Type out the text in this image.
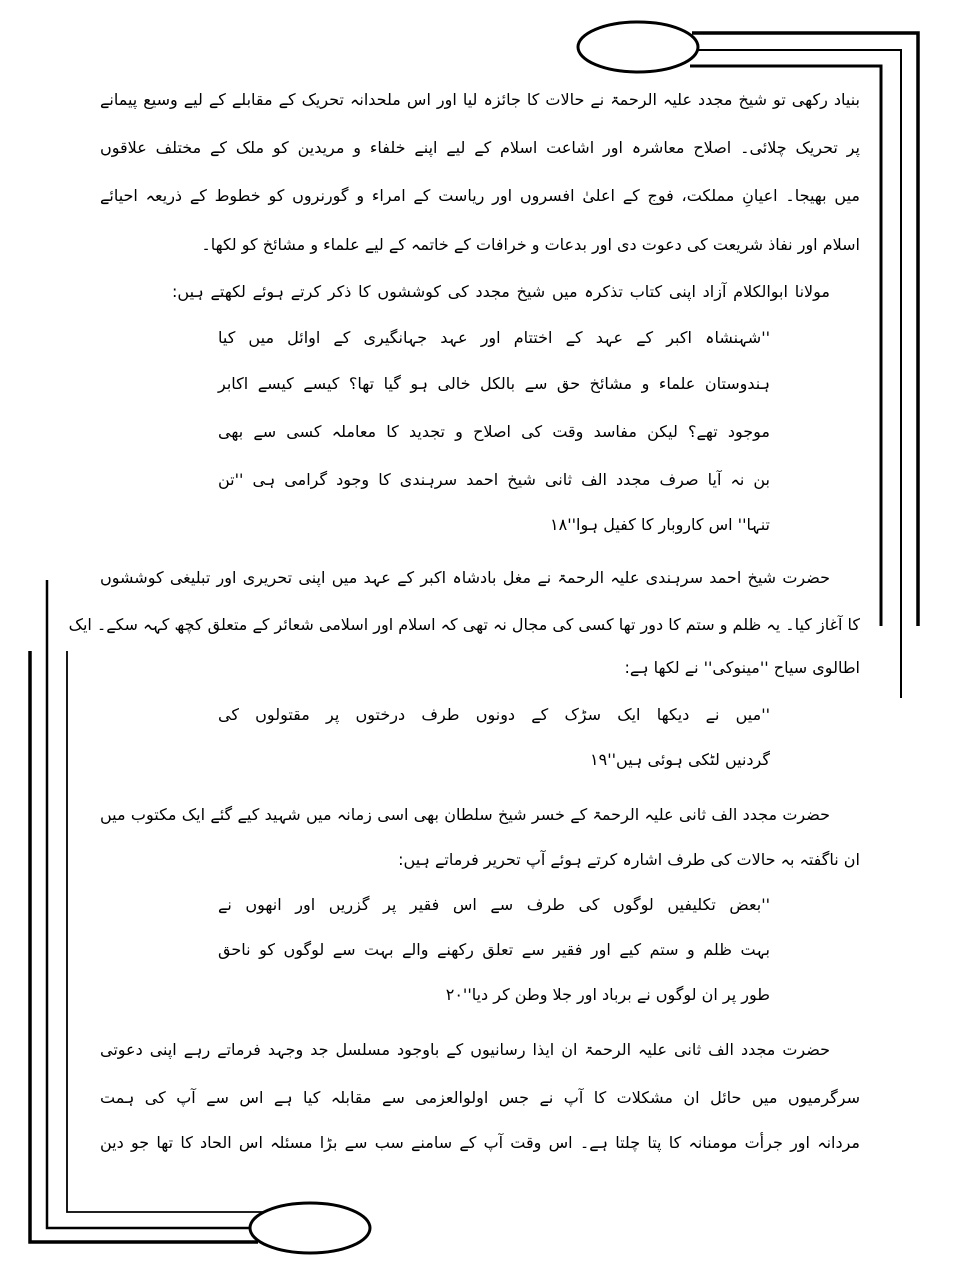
بنیاد رکھی تو شیخ مجدد علیہ الرحمۃ نے حالات کا جائزہ لیا اور اس ملحدانہ تحریک کے مقابلے کے لیے وسیع پیمانے
پر تحریک چلائی۔ اصلاح معاشرہ اور اشاعت اسلام کے لیے اپنے خلفاء و مریدین کو ملک کے مختلف علاقوں
میں بھیجا۔ اعیانِ مملکت، فوج کے اعلیٰ افسروں اور ریاست کے امراء و گورنروں کو خطوط کے ذریعہ احیائے
اسلام اور نفاذ شریعت کی دعوت دی اور بدعات و خرافات کے خاتمہ کے لیے علماء و مشائخ کو لکھا۔
مولانا ابوالکلام آزاد اپنی کتاب تذکرہ میں شیخ مجدد کی کوششوں کا ذکر کرتے ہوئے لکھتے ہیں:
''شہنشاہ اکبر کے عہد کے اختتام اور عہد جہانگیری کے اوائل میں کیا
ہندوستان علماء و مشائخ حق سے بالکل خالی ہو گیا تھا؟ کیسے کیسے اکابر
موجود تھے؟ لیکن مفاسد وقت کی اصلاح و تجدید کا معاملہ کسی سے بھی
بن نہ آیا صرف مجدد الف ثانی شیخ احمد سرہندی کا وجود گرامی ہی ''تن
تنہا'' اس کاروبار کا کفیل ہوا''۱۸
حضرت شیخ احمد سرہندی علیہ الرحمۃ نے مغل بادشاہ اکبر کے عہد میں اپنی تحریری اور تبلیغی کوششوں
کا آغاز کیا۔ یہ ظلم و ستم کا دور تھا کسی کی مجال نہ تھی کہ اسلام اور اسلامی شعائر کے متعلق کچھ کہہ سکے۔ ایک
اطالوی سیاح ''مینوکی'' نے لکھا ہے:
''میں نے دیکھا ایک سڑک کے دونوں طرف درختوں پر مقتولوں کی
گردنیں لٹکی ہوئی ہیں''۱۹
حضرت مجدد الف ثانی علیہ الرحمۃ کے خسر شیخ سلطان بھی اسی زمانہ میں شہید کیے گئے ایک مکتوب میں
ان ناگفتہ بہ حالات کی طرف اشارہ کرتے ہوئے آپ تحریر فرماتے ہیں:
''بعض تکلیفیں لوگوں کی طرف سے اس فقیر پر گزریں اور انھوں نے
بہت ظلم و ستم کیے اور فقیر سے تعلق رکھنے والے بہت سے لوگوں کو ناحق
طور پر ان لوگوں نے برباد اور جلا وطن کر دیا''۲۰
حضرت مجدد الف ثانی علیہ الرحمۃ ان ایذا رسانیوں کے باوجود مسلسل جد وجہد فرماتے رہے اپنی دعوتی
سرگرمیوں میں حائل ان مشکلات کا آپ نے جس اولوالعزمی سے مقابلہ کیا ہے اس سے آپ کی ہمت
مردانہ اور جرأت مومنانہ کا پتا چلتا ہے۔ اس وقت آپ کے سامنے سب سے بڑا مسئلہ اس الحاد کا تھا جو دین
